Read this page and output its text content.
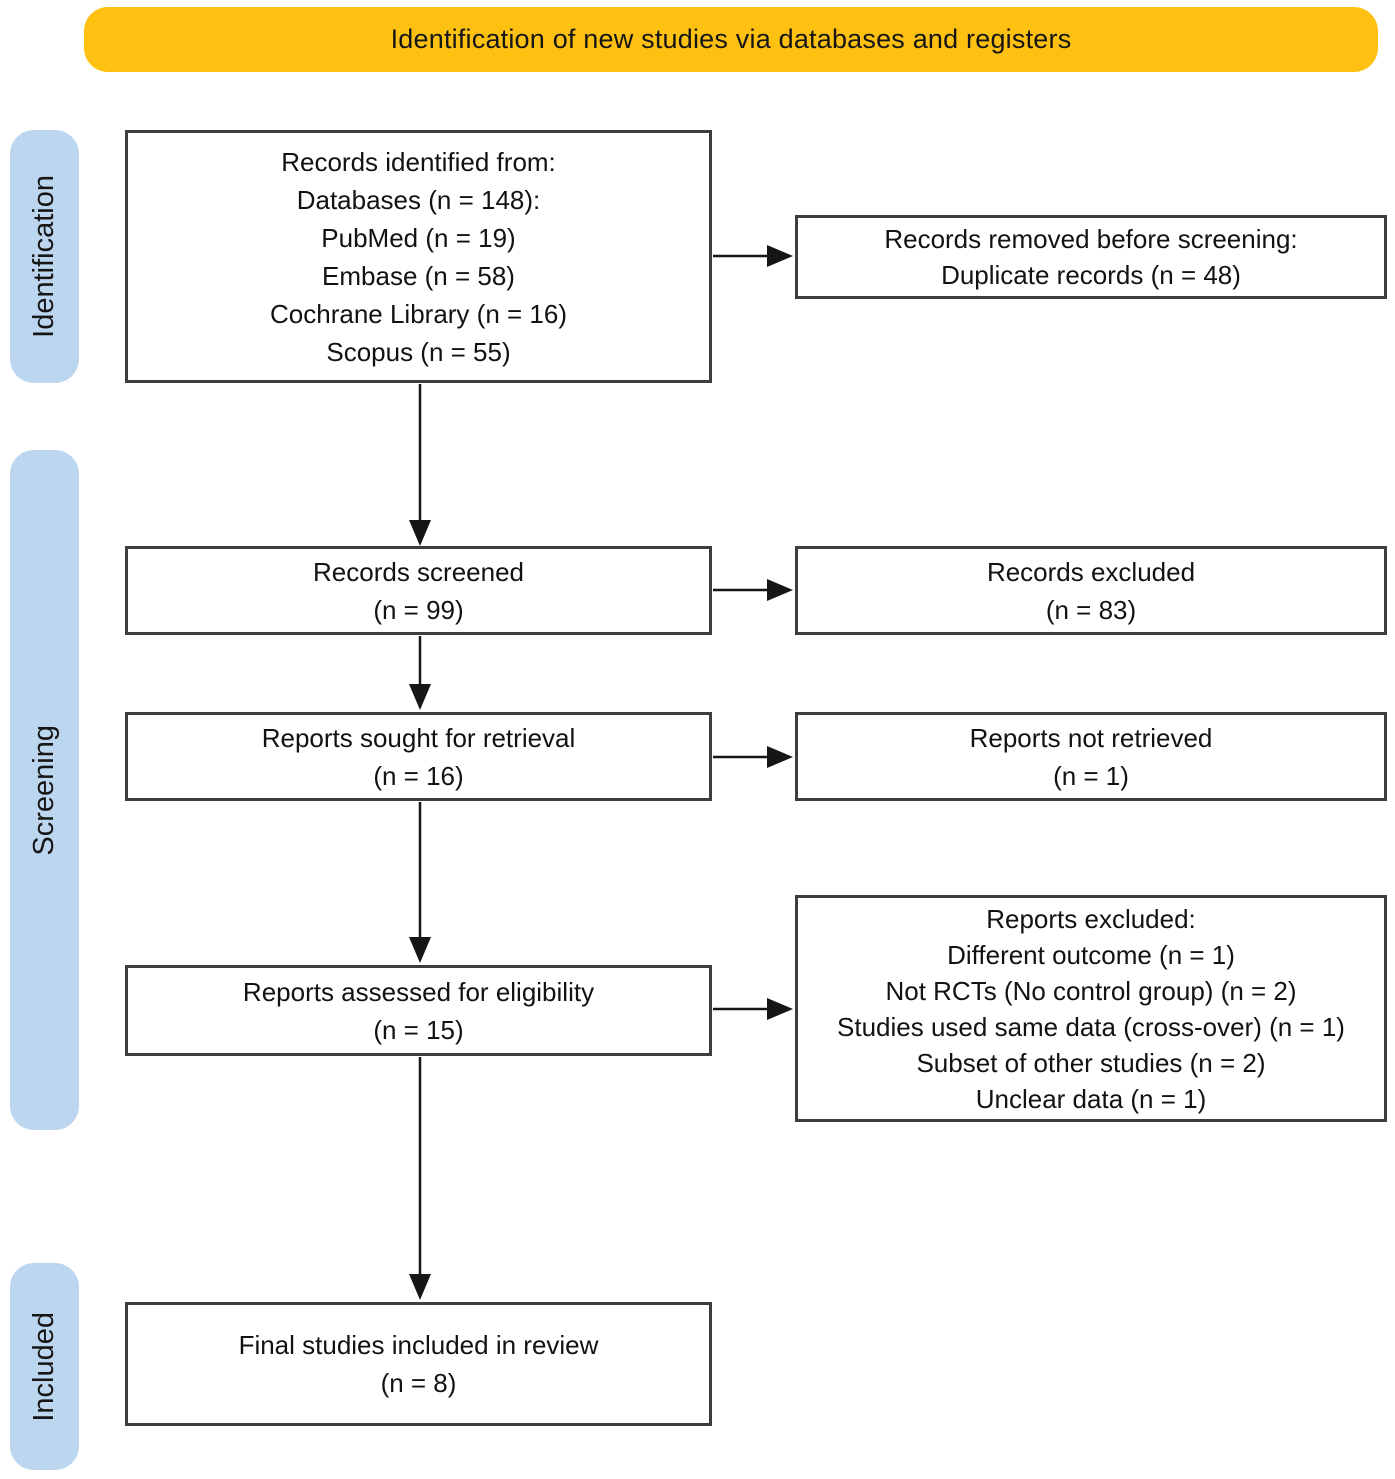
Identification of new studies via databases and registers
Identification
Screening
Included
Records identified from:
Databases (n = 148):
PubMed (n = 19)
Embase (n = 58)
Cochrane Library (n = 16)
Scopus (n = 55)
Records removed before screening:
Duplicate records (n = 48)
Records screened
(n = 99)
Records excluded
(n = 83)
Reports sought for retrieval
(n = 16)
Reports not retrieved
(n = 1)
Reports assessed for eligibility
(n = 15)
Reports excluded:
Different outcome (n = 1)
Not RCTs (No control group) (n = 2)
Studies used same data (cross-over) (n = 1)
Subset of other studies (n = 2)
Unclear data (n = 1)
Final studies included in review
(n = 8)
